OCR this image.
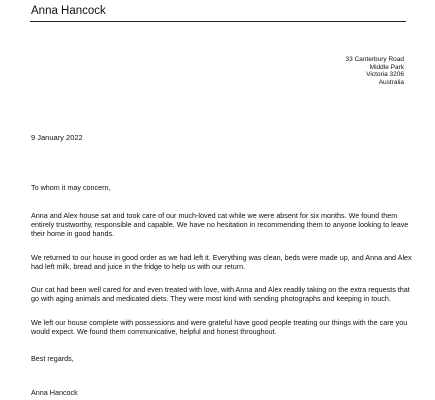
Anna Hancock
33 Canterbury Road
Middle Park
Victoria 3206
Australia
9 January 2022

To whom it may concern,

Anna and Alex house sat and took care of our much-loved cat while we were absent for six months. We found them entirely trustworthy, responsible and capable. We have no hesitation in recommending them to anyone looking to leave their home in good hands.

We returned to our house in good order as we had left it. Everything was clean, beds were made up, and Anna and Alex had left milk, bread and juice in the fridge to help us with our return.

Our cat had been well cared for and even treated with love, with Anna and Alex readily taking on the extra requests that go with aging animals and medicated diets. They were most kind with sending photographs and keeping in touch.

We left our house complete with possessions and were grateful have good people treating our things with the care you would expect. We found them communicative, helpful and honest throughout.

Best regards,

Anna Hancock
